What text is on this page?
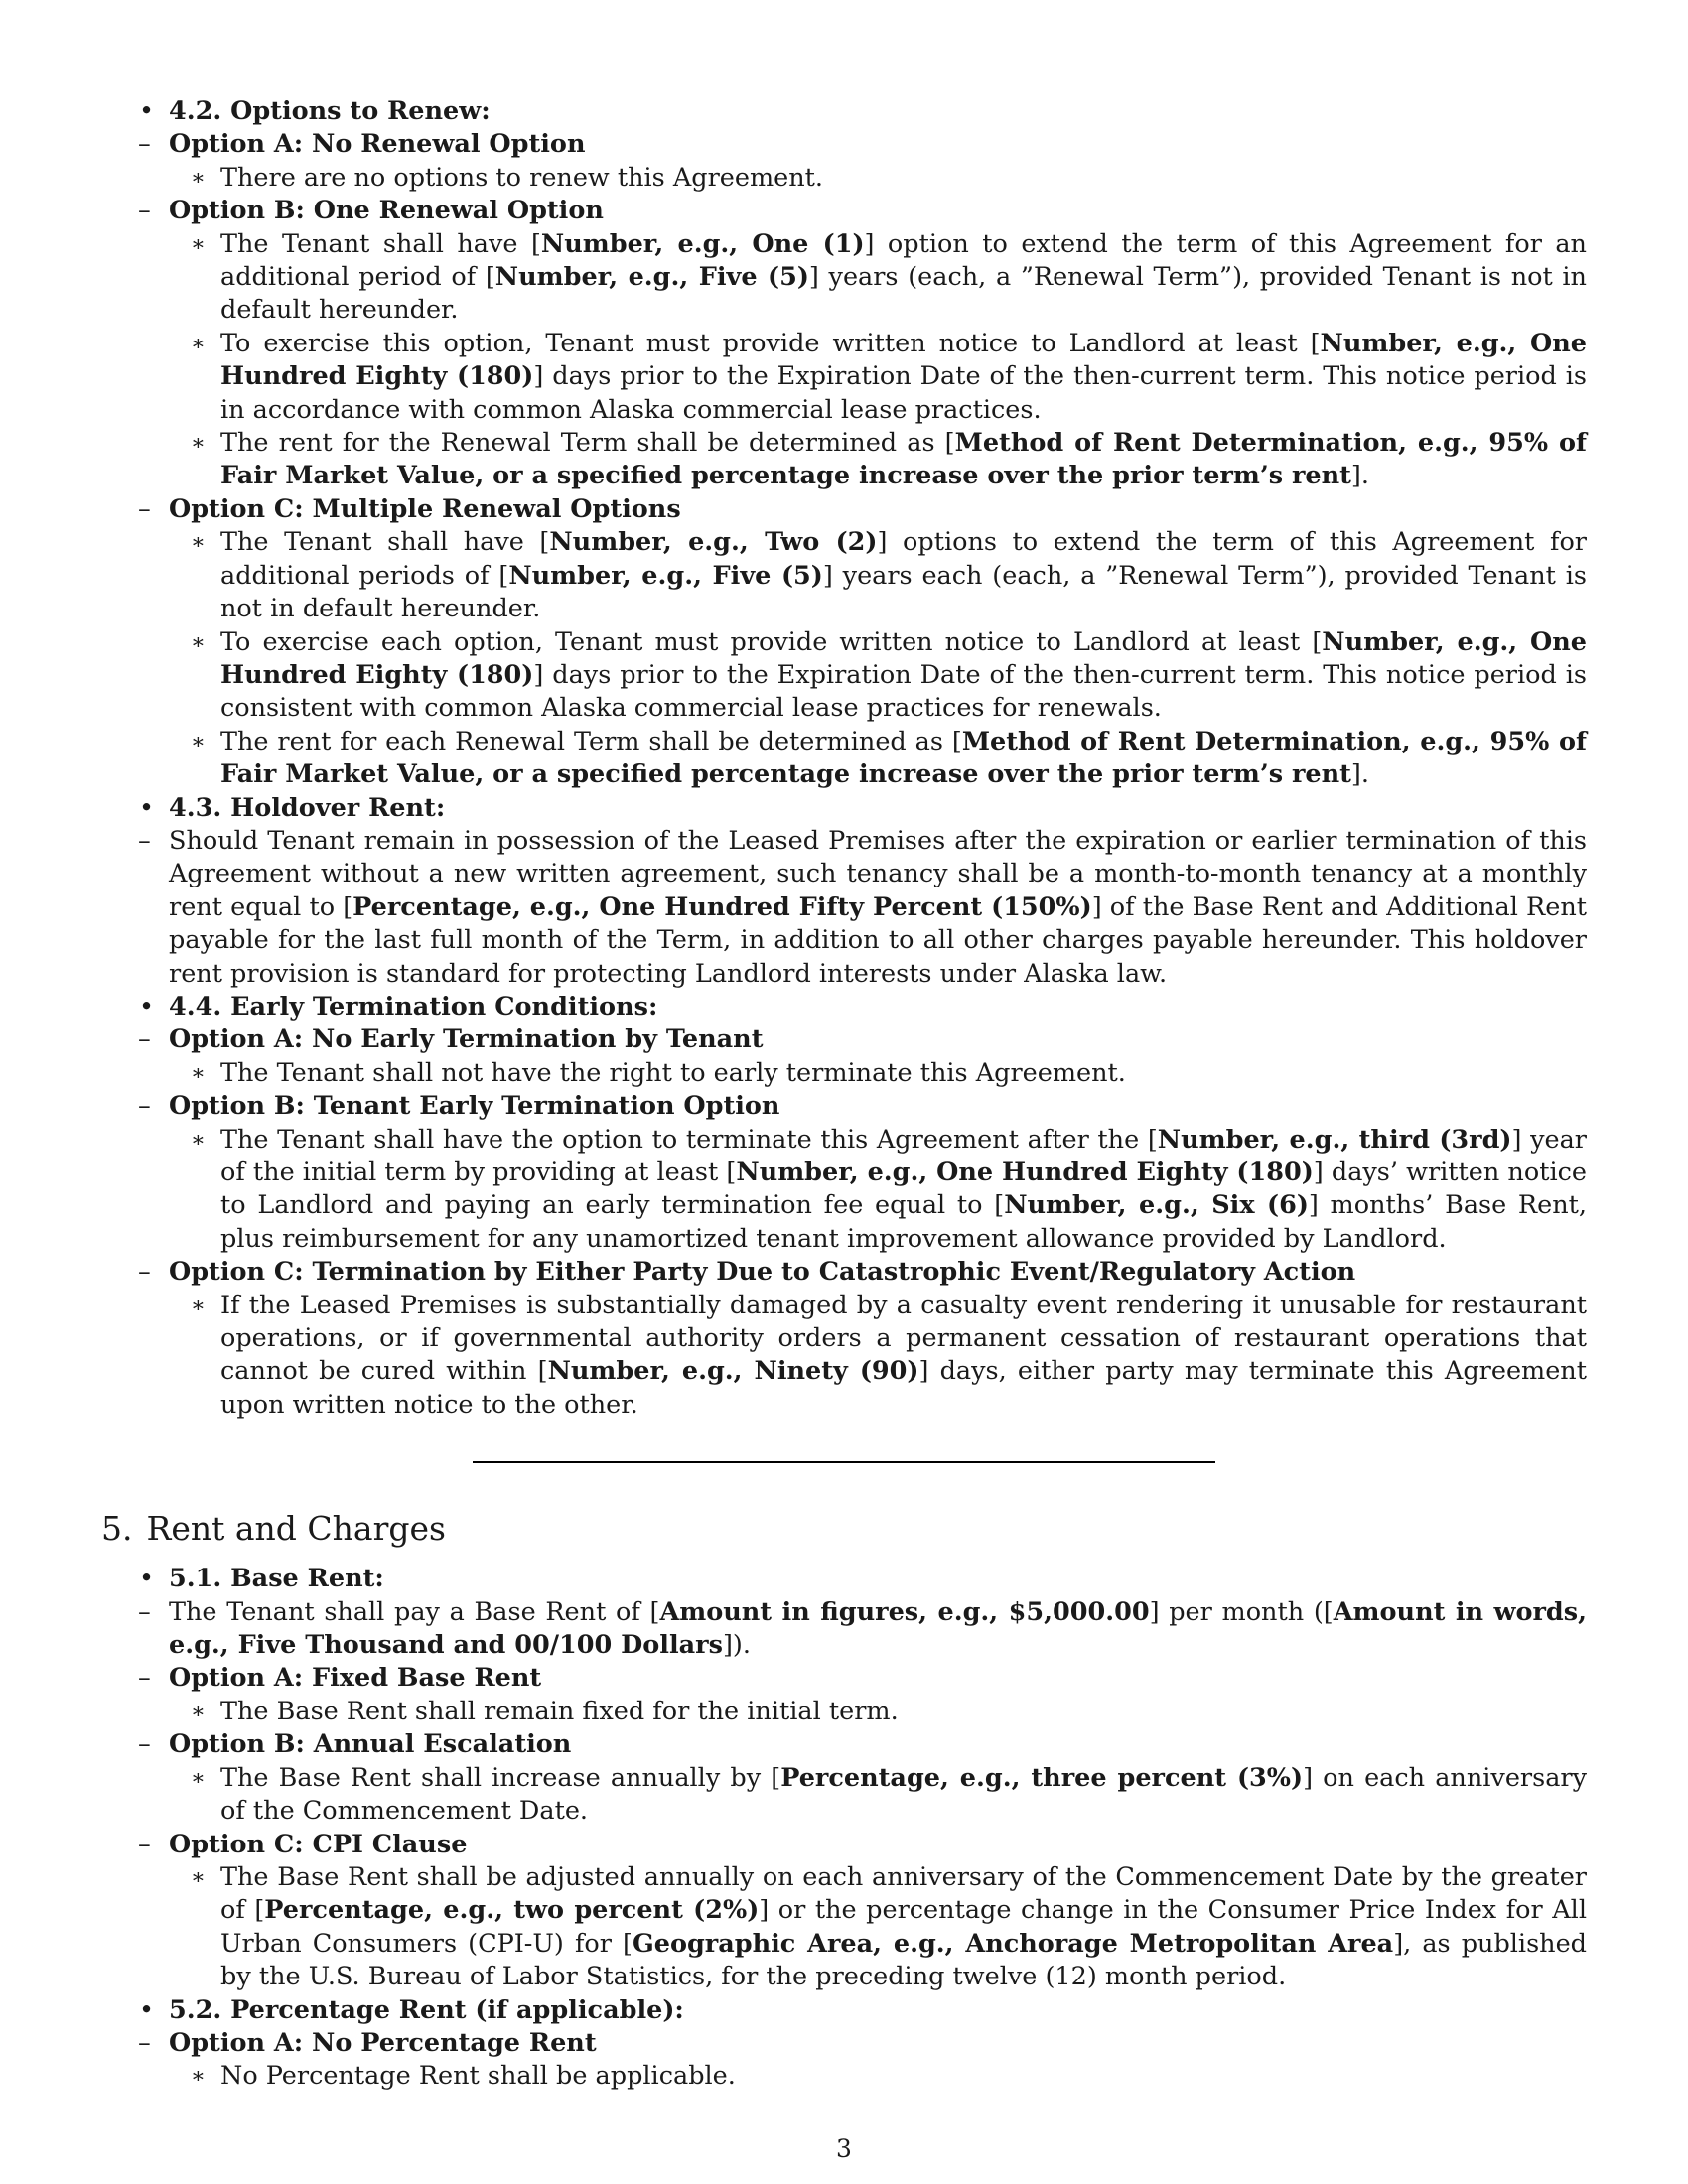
• 4.2. Options to Renew:
– Option A: No Renewal Option

∗ There are no options to renew this Agreement.

– Option B: One Renewal Option

∗ The Tenant shall have [Number, e.g., One (1)] option to extend the term of this Agreement for an additional period of [Number, e.g., Five (5)] years (each, a ”Renewal Term”), provided Tenant is not in default hereunder.

∗ To exercise this option, Tenant must provide written notice to Landlord at least [Number, e.g., One Hundred Eighty (180)] days prior to the Expiration Date of the then-current term. This notice period is in accordance with common Alaska commercial lease practices.

∗ The rent for the Renewal Term shall be determined as [Method of Rent Determination, e.g., 95% of Fair Market Value, or a specified percentage increase over the prior term’s rent].

– Option C: Multiple Renewal Options

∗ The Tenant shall have [Number, e.g., Two (2)] options to extend the term of this Agreement for additional periods of [Number, e.g., Five (5)] years each (each, a ”Renewal Term”), provided Tenant is not in default hereunder.

∗ To exercise each option, Tenant must provide written notice to Landlord at least [Number, e.g., One Hundred Eighty (180)] days prior to the Expiration Date of the then-current term. This notice period is consistent with common Alaska commercial lease practices for renewals.

∗ The rent for each Renewal Term shall be determined as [Method of Rent Determination, e.g., 95% of Fair Market Value, or a specified percentage increase over the prior term’s rent].

• 4.3. Holdover Rent:

– Should Tenant remain in possession of the Leased Premises after the expiration or earlier termination of this Agreement without a new written agreement, such tenancy shall be a month-to-month tenancy at a monthly rent equal to [Percentage, e.g., One Hundred Fifty Percent (150%)] of the Base Rent and Additional Rent payable for the last full month of the Term, in addition to all other charges payable hereunder. This holdover rent provision is standard for protecting Landlord interests under Alaska law.

• 4.4. Early Termination Conditions:
– Option A: No Early Termination by Tenant

∗ The Tenant shall not have the right to early terminate this Agreement.

– Option B: Tenant Early Termination Option

∗ The Tenant shall have the option to terminate this Agreement after the [Number, e.g., third (3rd)] year of the initial term by providing at least [Number, e.g., One Hundred Eighty (180)] days’ written notice to Landlord and paying an early termination fee equal to [Number, e.g., Six (6)] months’ Base Rent, plus reimbursement for any unamortized tenant improvement allowance provided by Landlord.

– Option C: Termination by Either Party Due to Catastrophic Event/Regulatory Action

∗ If the Leased Premises is substantially damaged by a casualty event rendering it unusable for restaurant operations, or if governmental authority orders a permanent cessation of restaurant operations that cannot be cured within [Number, e.g., Ninety (90)] days, either party may terminate this Agreement upon written notice to the other.

5. Rent and Charges
• 5.1. Base Rent:

– The Tenant shall pay a Base Rent of [Amount in figures, e.g., $5,000.00] per month ([Amount in words, e.g., Five Thousand and 00/100 Dollars]).

– Option A: Fixed Base Rent

∗ The Base Rent shall remain fixed for the initial term.

– Option B: Annual Escalation

∗ The Base Rent shall increase annually by [Percentage, e.g., three percent (3%)] on each anniversary of the Commencement Date.

– Option C: CPI Clause

∗ The Base Rent shall be adjusted annually on each anniversary of the Commencement Date by the greater of [Percentage, e.g., two percent (2%)] or the percentage change in the Consumer Price Index for All Urban Consumers (CPI-U) for [Geographic Area, e.g., Anchorage Metropolitan Area], as published by the U.S. Bureau of Labor Statistics, for the preceding twelve (12) month period.

• 5.2. Percentage Rent (if applicable):
– Option A: No Percentage Rent

∗ No Percentage Rent shall be applicable.

3
